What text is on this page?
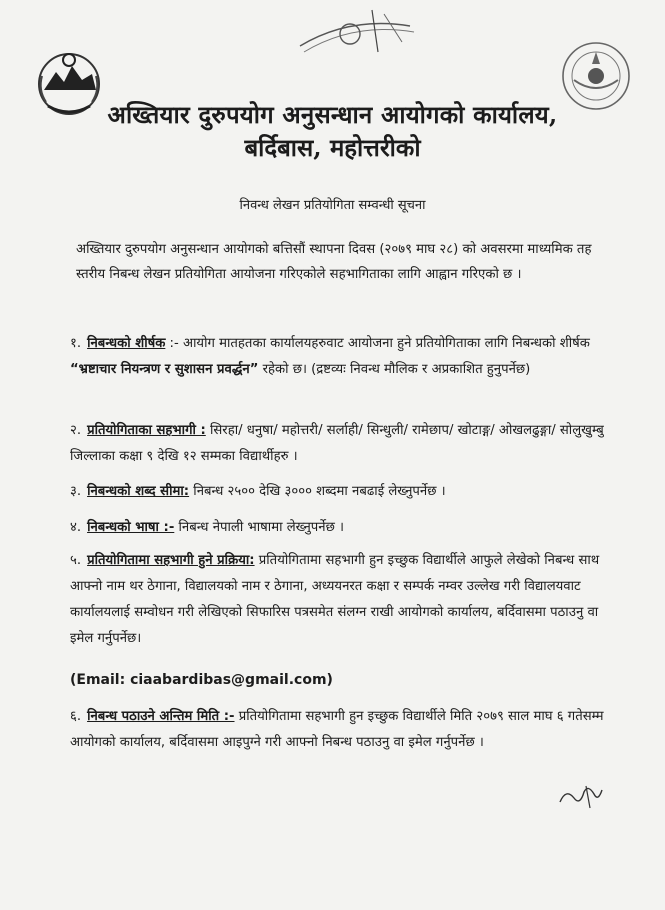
अख्तियार दुरुपयोग अनुसन्धान आयोगको कार्यालय,
बर्दिबास, महोत्तरीको
निवन्ध लेखन प्रतियोगिता सम्वन्धी सूचना
अख्तियार दुरुपयोग अनुसन्धान आयोगको बत्तिसौं स्थापना दिवस (२०७९ माघ २८) को अवसरमा माध्यमिक तह स्तरीय निबन्ध लेखन प्रतियोगिता आयोजना गरिएकोले सहभागिताका लागि आह्वान गरिएको छ ।
१. निबन्धको शीर्षक :- आयोग मातहतका कार्यालयहरुवाट आयोजना हुने प्रतियोगिताका लागि निबन्धको शीर्षक “भ्रष्टाचार नियन्त्रण र सुशासन प्रवर्द्धन” रहेको छ। (द्रष्टव्यः निवन्ध मौलिक र अप्रकाशित हुनुपर्नेछ)
२. प्रतियोगिताका सहभागी : सिरहा/ धनुषा/ महोत्तरी/ सर्लाही/ सिन्धुली/ रामेछाप/ खोटाङ्ग/ ओखलढुङ्गा/ सोलुखुम्बु जिल्लाका कक्षा ९ देखि १२ सम्मका विद्यार्थीहरु ।
३. निबन्धको शब्द सीमा: निबन्ध २५०० देखि ३००० शब्दमा नबढाई लेख्नुपर्नेछ ।
४. निबन्धको भाषा :- निबन्ध नेपाली भाषामा लेख्नुपर्नेछ ।
५. प्रतियोगितामा सहभागी हुने प्रक्रिया: प्रतियोगितामा सहभागी हुन इच्छुक विद्यार्थीले आफुले लेखेको निबन्ध साथ आफ्नो नाम थर ठेगाना, विद्यालयको नाम र ठेगाना, अध्ययनरत कक्षा र सम्पर्क नम्वर उल्लेख गरी विद्यालयवाट कार्यालयलाई सम्वोधन गरी लेखिएको सिफारिस पत्रसमेत संलग्न राखी आयोगको कार्यालय, बर्दिवासमा पठाउनु वा इमेल गर्नुपर्नेछ।
(Email: ciaabardibas@gmail.com)
६. निबन्ध पठाउने अन्तिम मिति :- प्रतियोगितामा सहभागी हुन इच्छुक विद्यार्थीले मिति २०७९ साल माघ ६ गतेसम्म आयोगको कार्यालय, बर्दिवासमा आइपुग्ने गरी आफ्नो निबन्ध पठाउनु वा इमेल गर्नुपर्नेछ ।
